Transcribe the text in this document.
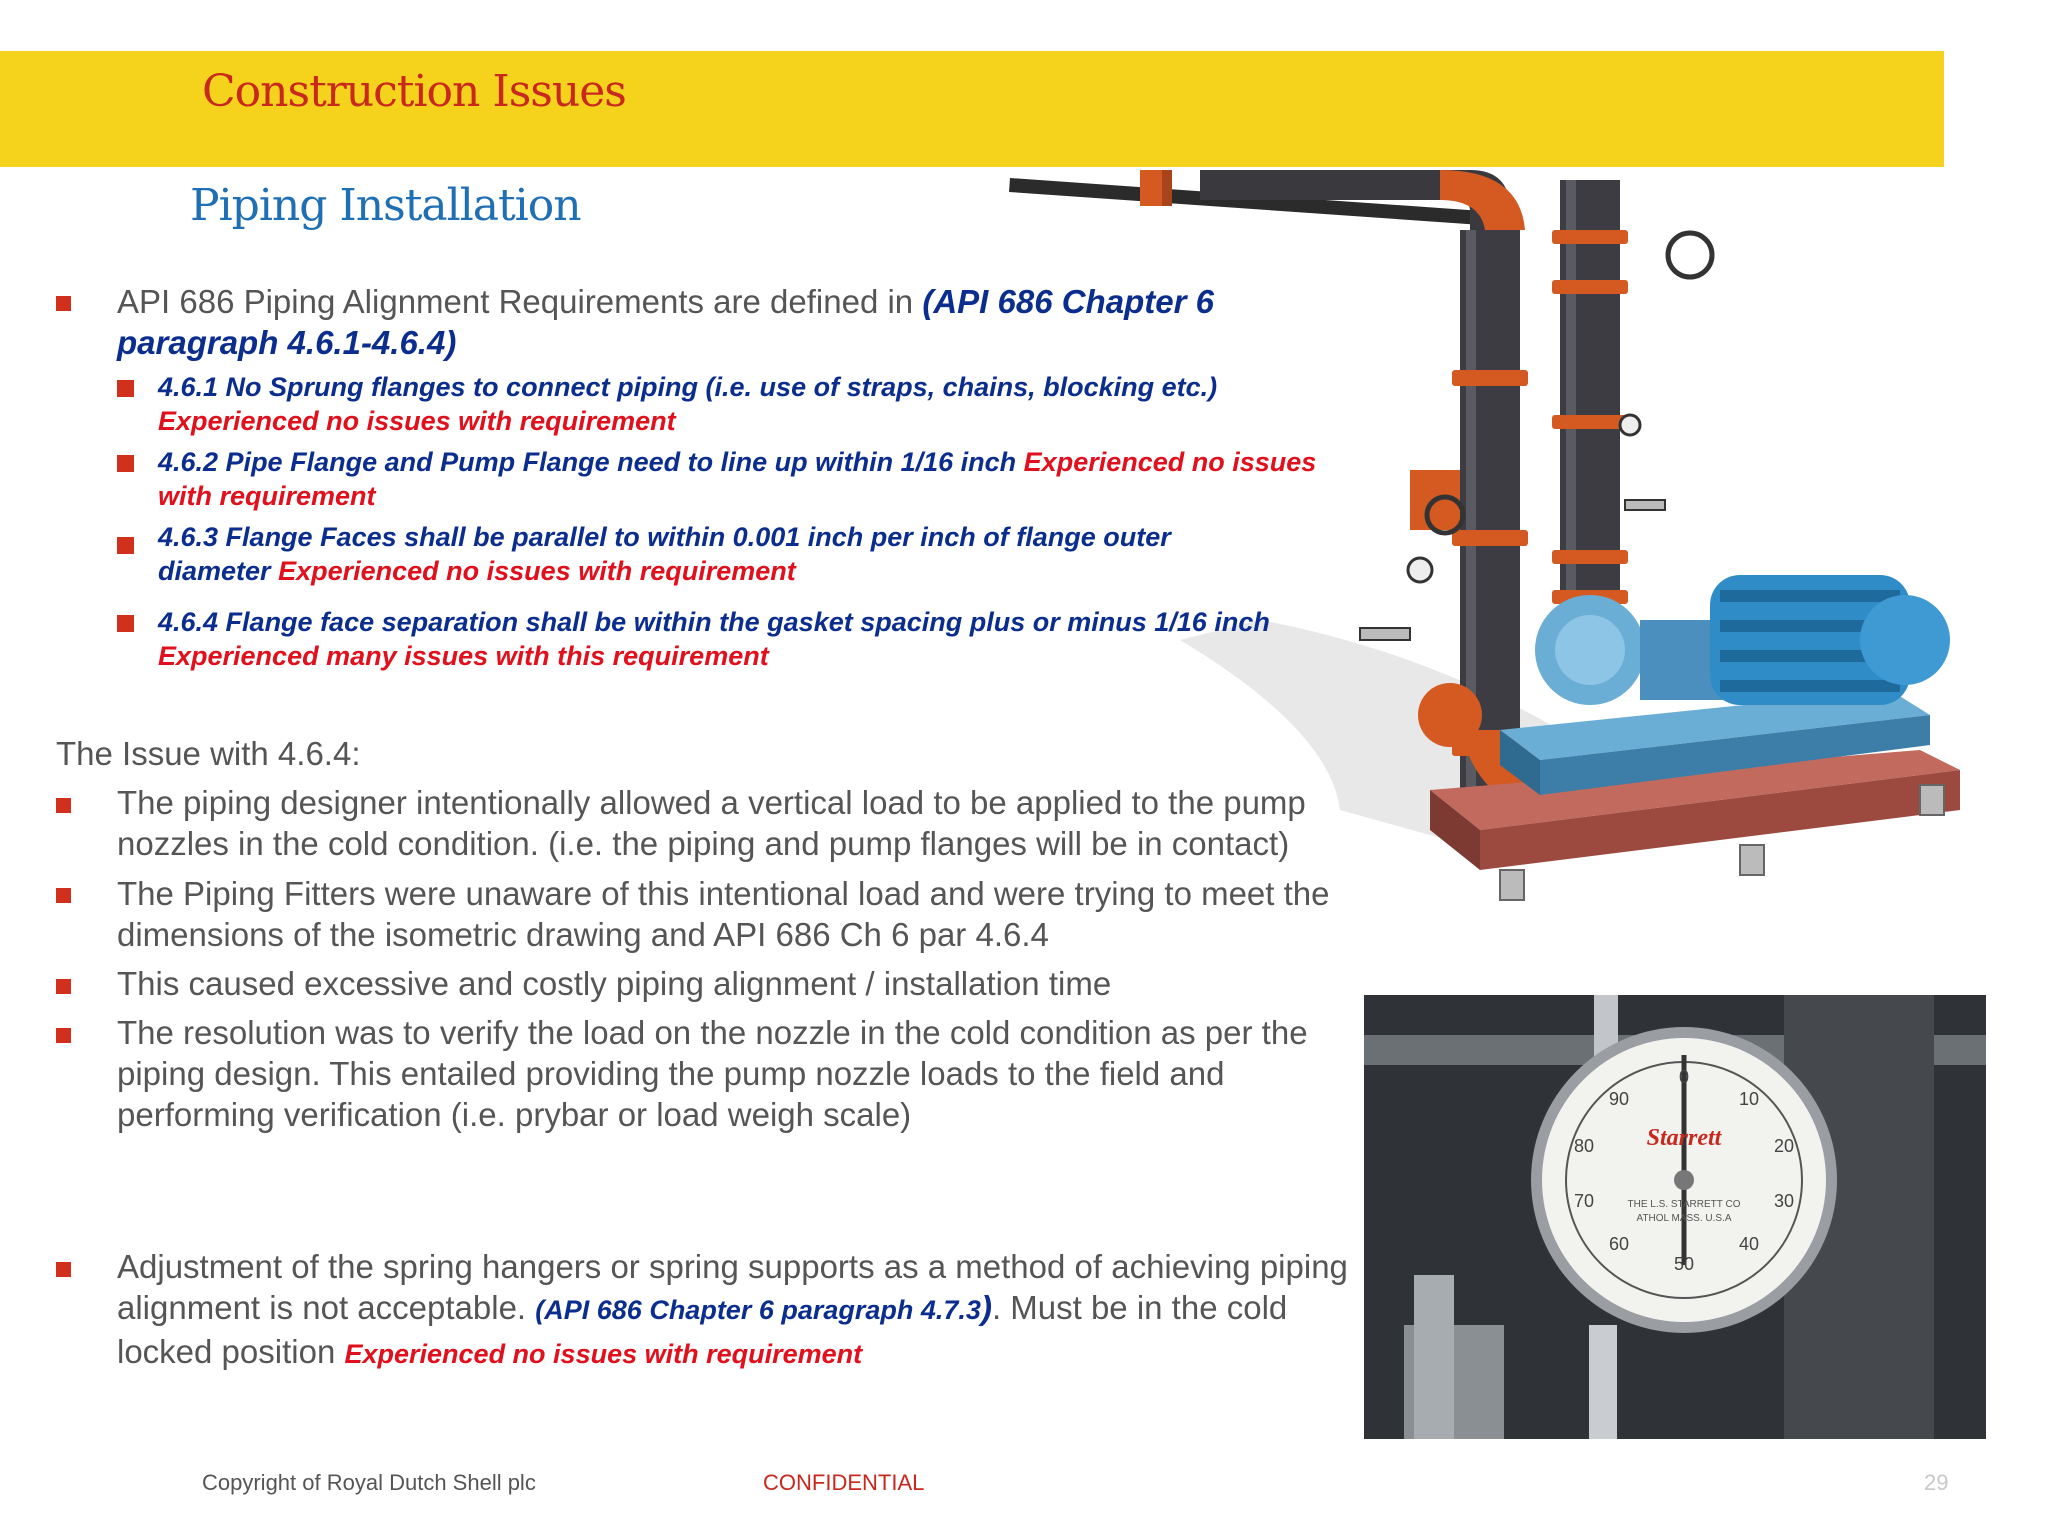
Construction Issues
Piping Installation
API 686 Piping Alignment Requirements are defined in (API 686 Chapter 6 paragraph 4.6.1-4.6.4)
4.6.1 No Sprung flanges to connect piping (i.e. use of straps, chains, blocking etc.)
Experienced no issues with requirement
4.6.2 Pipe Flange and Pump Flange need to line up within 1/16 inch Experienced no issues with requirement
4.6.3 Flange Faces shall be parallel to within 0.001 inch per inch of flange outer diameter Experienced no issues with requirement
4.6.4 Flange face separation shall be within the gasket spacing plus or minus 1/16 inch
Experienced many issues with this requirement
The Issue with 4.6.4:
The piping designer intentionally allowed a vertical load to be applied to the pump nozzles in the cold condition. (i.e. the piping and pump flanges will be in contact)
The Piping Fitters were unaware of this intentional load and were trying to meet the dimensions of the isometric drawing and API 686 Ch 6 par 4.6.4
This caused excessive and costly piping alignment / installation time
The resolution was to verify the load on the nozzle in the cold condition as per the piping design. This entailed providing the pump nozzle loads to the field and performing verification (i.e. prybar or load weigh scale)
Adjustment of the spring hangers or spring supports as a method of achieving piping alignment is not acceptable. (API 686 Chapter 6 paragraph 4.7.3). Must be in the cold locked position Experienced no issues with requirement
Starrett
0
10
20
30
40
50
60
70
80
90
THE L.S. STARRETT CO
ATHOL MASS. U.S.A
Copyright of Royal Dutch Shell plc	CONFIDENTIAL	29
